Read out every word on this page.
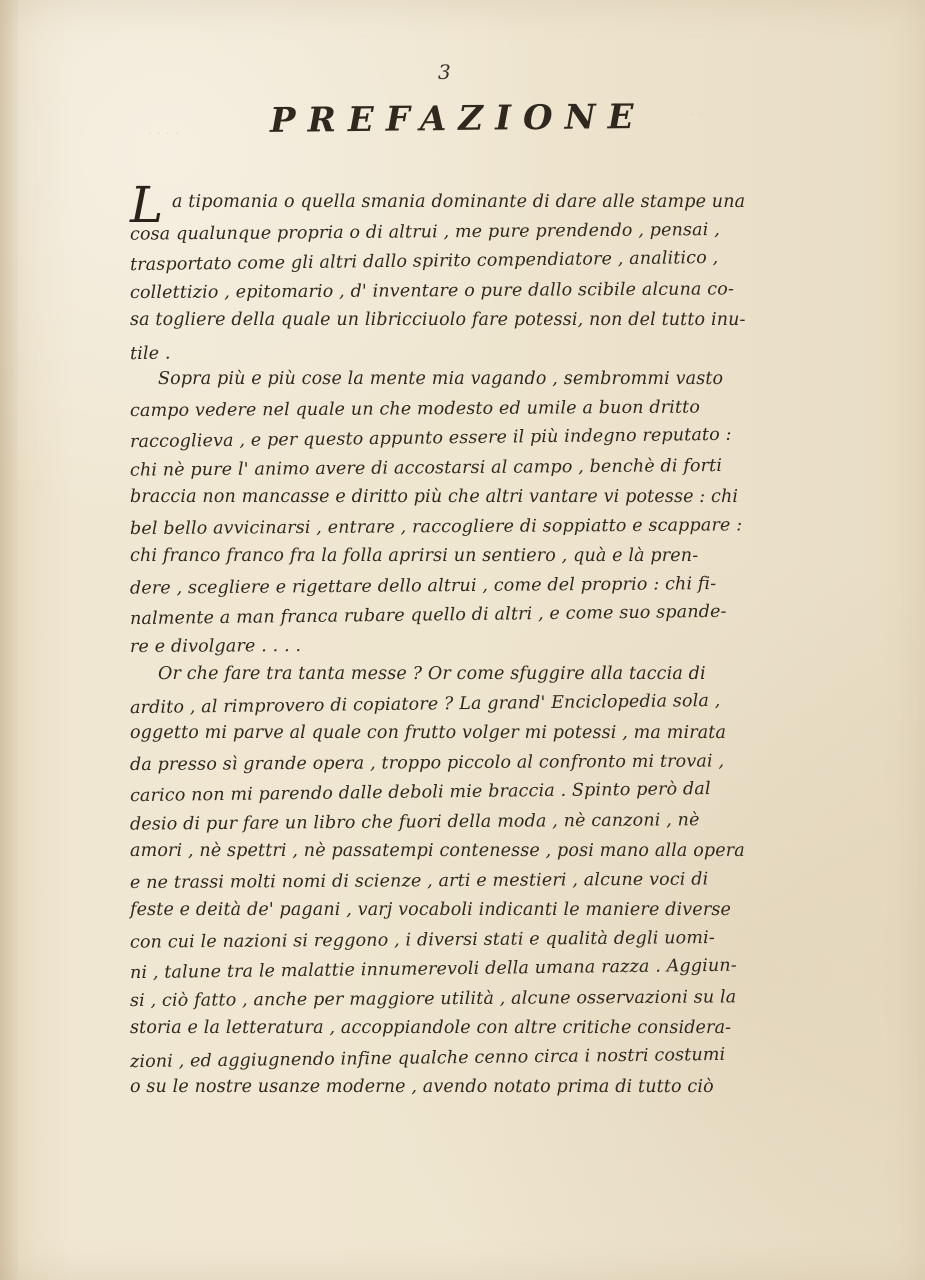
· · · ·
· ·
3
PREFAZIONE
L a tipomania o quella smania dominante di dare alle stampe una
cosa qualunque propria o di altrui , me pure prendendo , pensai ,
trasportato come gli altri dallo spirito compendiatore , analitico ,
collettizio , epitomario , d' inventare o pure dallo scibile alcuna co-
sa togliere della quale un libricciuolo fare potessi, non del tutto inu-
tile .
Sopra più e più cose la mente mia vagando , sembrommi vasto
campo vedere nel quale un che modesto ed umile a buon dritto
raccoglieva , e per questo appunto essere il più indegno reputato :
chi nè pure l' animo avere di accostarsi al campo , benchè di forti
braccia non mancasse e diritto più che altri vantare vi potesse : chi
bel bello avvicinarsi , entrare , raccogliere di soppiatto e scappare :
chi franco franco fra la folla aprirsi un sentiero , quà e là pren-
dere , scegliere e rigettare dello altrui , come del proprio : chi fi-
nalmente a man franca rubare quello di altri , e come suo spande-
re e divolgare . . . .
Or che fare tra tanta messe ? Or come sfuggire alla taccia di
ardito , al rimprovero di copiatore ? La grand' Enciclopedia sola ,
oggetto mi parve al quale con frutto volger mi potessi , ma mirata
da presso sì grande opera , troppo piccolo al confronto mi trovai ,
carico non mi parendo dalle deboli mie braccia . Spinto però dal
desio di pur fare un libro che fuori della moda , nè canzoni , nè
amori , nè spettri , nè passatempi contenesse , posi mano alla opera
e ne trassi molti nomi di scienze , arti e mestieri , alcune voci di
feste e deità de' pagani , varj vocaboli indicanti le maniere diverse
con cui le nazioni si reggono , i diversi stati e qualità degli uomi-
ni , talune tra le malattie innumerevoli della umana razza . Aggiun-
si , ciò fatto , anche per maggiore utilità , alcune osservazioni su la
storia e la letteratura , accoppiandole con altre critiche considera-
zioni , ed aggiugnendo infine qualche cenno circa i nostri costumi
o su le nostre usanze moderne , avendo notato prima di tutto ciò
